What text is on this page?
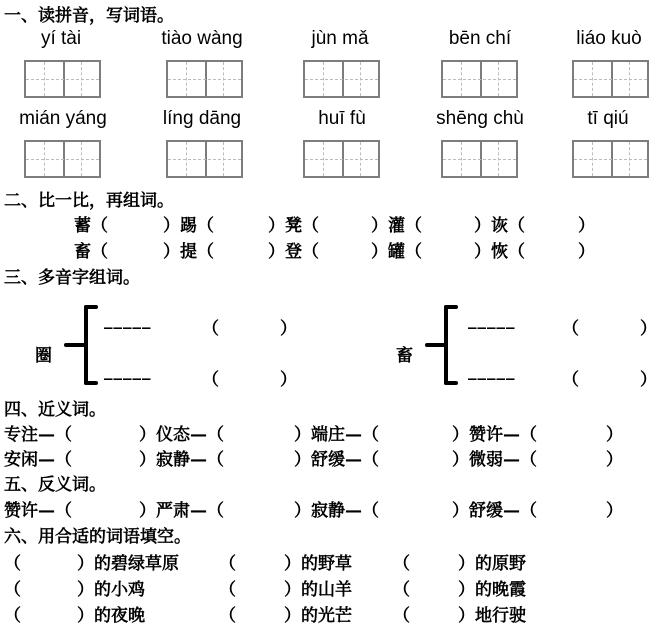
一、读拼音，写词语。
yí tài	tiào wàng	jùn mǎ	bēn chí	liáo kuò
mián yáng	líng dāng	huī fù	shēng chù	tī qiú
二、比一比，再组词。
蓄（	）踢（	）凳（	）灌（	）诙（	）
畜（	）提（	）登（	）罐（	）恢（	）
三、多音字组词。
圈
_____	（	）
_____	（	）
畜
_____	（	）
_____	（	）
四、近义词。
专注—（	）仪态—（	）端庄—（	）赞许—（	）
安闲—（	）寂静—（	）舒缓—（	）微弱—（	）
五、反义词。
赞许—（	）严肃—（	）寂静—（	）舒缓—（	）
六、用合适的词语填空。
（	）的碧绿草原 （	）的野草 （	）的原野
（	）的小鸡	（	）的山羊 （	）的晚霞
（	）的夜晚	（	）的光芒 （	）地行驶
